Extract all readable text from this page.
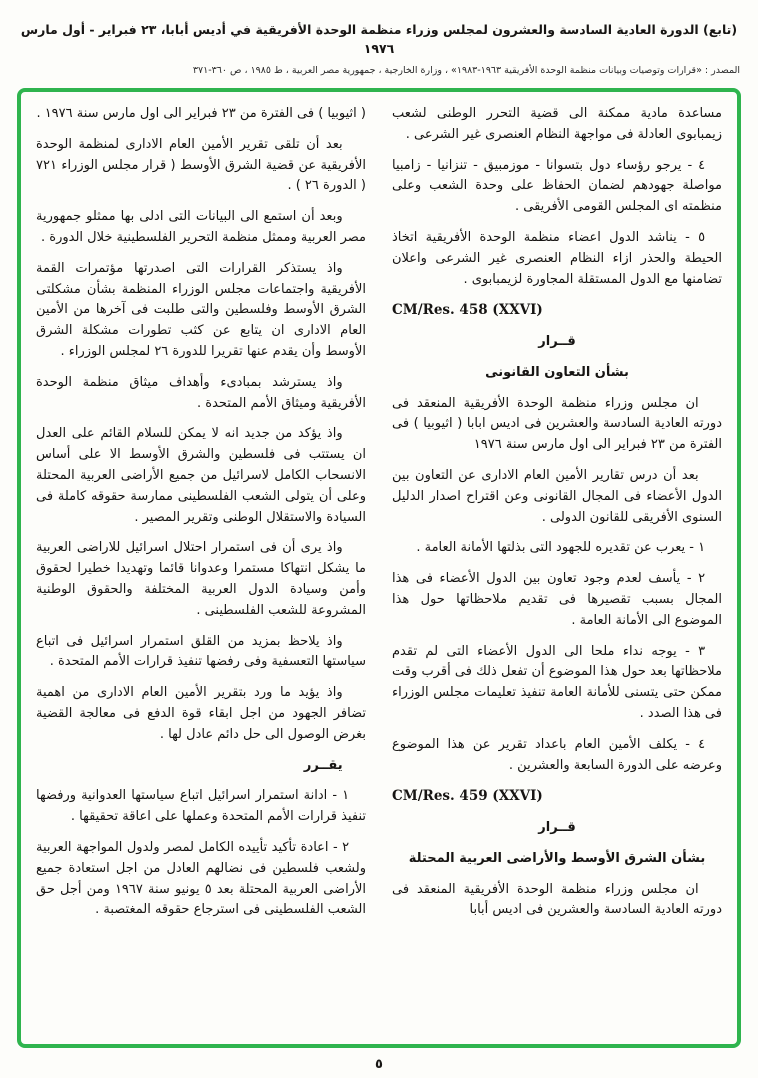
(تابع) الدورة العادية السادسة والعشرون لمجلس وزراء منظمة الوحدة الأفريقية في أديس أبابا، ٢٣ فبراير - أول مارس ١٩٧٦
المصدر : «قرارات وتوصيات وبيانات منظمة الوحدة الأفريقية ١٩٦٣-١٩٨٣» ، وزارة الخارجية ، جمهورية مصر العربية ، ط ١٩٨٥ ، ص ٣٦٠-٣٧١

مساعدة مادية ممكنة الى قضية التحرر الوطنى لشعب زيمبابوى العادلة فى مواجهة النظام العنصرى غير الشرعى .

٤ - يرجو رؤساء دول بتسوانا - موزمبيق - تنزانيا - زامبيا مواصلة جهودهم لضمان الحفاظ على وحدة الشعب وعلى منظمته اى المجلس القومى الأفريقى .

٥ - يناشد الدول اعضاء منظمة الوحدة الأفريقية اتخاذ الحيطة والحذر ازاء النظام العنصرى غير الشرعى واعلان تضامنها مع الدول المستقلة المجاورة لزيمبابوى .

CM/Res. 458 (XXVI)

قــرار

بشأن التعاون القانونى

ان مجلس وزراء منظمة الوحدة الأفريقية المنعقد فى دورته العادية السادسة والعشرين فى اديس ابابا ( اثيوبيا ) فى الفترة من ٢٣ فبراير الى اول مارس سنة ١٩٧٦

بعد أن درس تقارير الأمين العام الادارى عن التعاون بين الدول الأعضاء فى المجال القانونى وعن اقتراح اصدار الدليل السنوى الأفريقى للقانون الدولى .

١ - يعرب عن تقديره للجهود التى بذلتها الأمانة العامة .

٢ - يأسف لعدم وجود تعاون بين الدول الأعضاء فى هذا المجال بسبب تقصيرها فى تقديم ملاحظاتها حول هذا الموضوع الى الأمانة العامة .

٣ - يوجه نداء ملحا الى الدول الأعضاء التى لم تقدم ملاحظاتها بعد حول هذا الموضوع أن تفعل ذلك فى أقرب وقت ممكن حتى يتسنى للأمانة العامة تنفيذ تعليمات مجلس الوزراء فى هذا الصدد .

٤ - يكلف الأمين العام باعداد تقرير عن هذا الموضوع وعرضه على الدورة السابعة والعشرين .

CM/Res. 459 (XXVI)

قــرار

بشأن الشرق الأوسط والأراضى العربية المحتلة

ان مجلس وزراء منظمة الوحدة الأفريقية المنعقد فى دورته العادية السادسة والعشرين فى اديس أبابا

( اثيوبيا ) فى الفترة من ٢٣ فبراير الى اول مارس سنة ١٩٧٦ .

بعد أن تلقى تقرير الأمين العام الادارى لمنظمة الوحدة الأفريقية عن قضية الشرق الأوسط ( قرار مجلس الوزراء ٧٢١ ( الدورة ٢٦ ) .

وبعد أن استمع الى البيانات التى ادلى بها ممثلو جمهورية مصر العربية وممثل منظمة التحرير الفلسطينية خلال الدورة .

واذ يستذكر القرارات التى اصدرتها مؤتمرات القمة الأفريقية واجتماعات مجلس الوزراء المنظمة بشأن مشكلتى الشرق الأوسط وفلسطين والتى طلبت فى آخرها من الأمين العام الادارى ان يتابع عن كثب تطورات مشكلة الشرق الأوسط وأن يقدم عنها تقريرا للدورة ٢٦ لمجلس الوزراء .

واذ يسترشد بمبادىء وأهداف ميثاق منظمة الوحدة الأفريقية وميثاق الأمم المتحدة .

واذ يؤكد من جديد انه لا يمكن للسلام القائم على العدل ان يستتب فى فلسطين والشرق الأوسط الا على أساس الانسحاب الكامل لاسرائيل من جميع الأراضى العربية المحتلة وعلى أن يتولى الشعب الفلسطينى ممارسة حقوقه كاملة فى السيادة والاستقلال الوطنى وتقرير المصير .

واذ يرى أن فى استمرار احتلال اسرائيل للاراضى العربية ما يشكل انتهاكا مستمرا وعدوانا قائما وتهديدا خطيرا لحقوق وأمن وسيادة الدول العربية المختلفة والحقوق الوطنية المشروعة للشعب الفلسطينى .

واذ يلاحظ بمزيد من القلق استمرار اسرائيل فى اتباع سياستها التعسفية وفى رفضها تنفيذ قرارات الأمم المتحدة .

واذ يؤيد ما ورد بتقرير الأمين العام الادارى من اهمية تضافر الجهود من اجل ابقاء قوة الدفع فى معالجة القضية بغرض الوصول الى حل دائم عادل لها .

يقــرر

١ - ادانة استمرار اسرائيل اتباع سياستها العدوانية ورفضها تنفيذ قرارات الأمم المتحدة وعملها على اعاقة تحقيقها .

٢ - اعادة تأكيد تأييده الكامل لمصر ولدول المواجهة العربية ولشعب فلسطين فى نضالهم العادل من اجل استعادة جميع الأراضى العربية المحتلة بعد ٥ يونيو سنة ١٩٦٧ ومن أجل حق الشعب الفلسطينى فى استرجاع حقوقه المغتصبة .

٥
